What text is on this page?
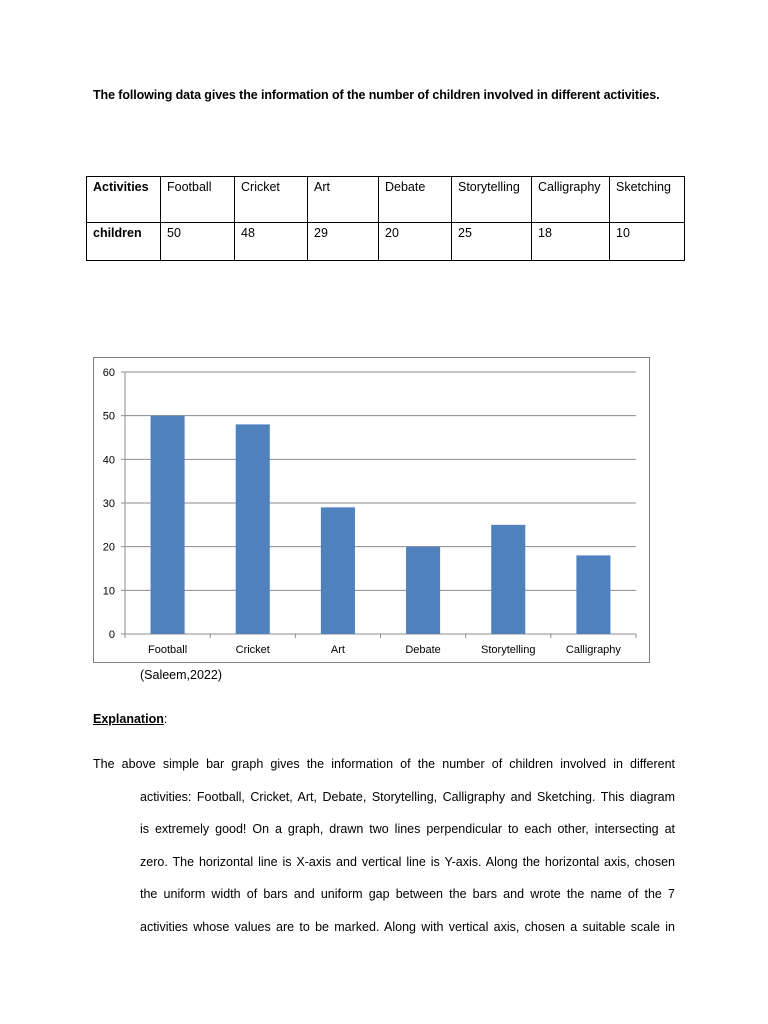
The following data gives the information of the number of children involved in different activities.
Activities	Football	Cricket	Art	Debate	Storytelling	Calligraphy	Sketching
children	50	48	29	20	25	18	10
0
10
20
30
40
50
60
Football	Cricket	Art	Debate	Storytelling	Calligraphy
(Saleem,2022)
Explanation:
The above simple bar graph gives the information of the number of children involved in different
activities: Football, Cricket, Art, Debate, Storytelling, Calligraphy and Sketching. This diagram
is extremely good! On a graph, drawn two lines perpendicular to each other, intersecting at
zero. The horizontal line is X-axis and vertical line is Y-axis. Along the horizontal axis, chosen
the uniform width of bars and uniform gap between the bars and wrote the name of the 7
activities whose values are to be marked. Along with vertical axis, chosen a suitable scale in
